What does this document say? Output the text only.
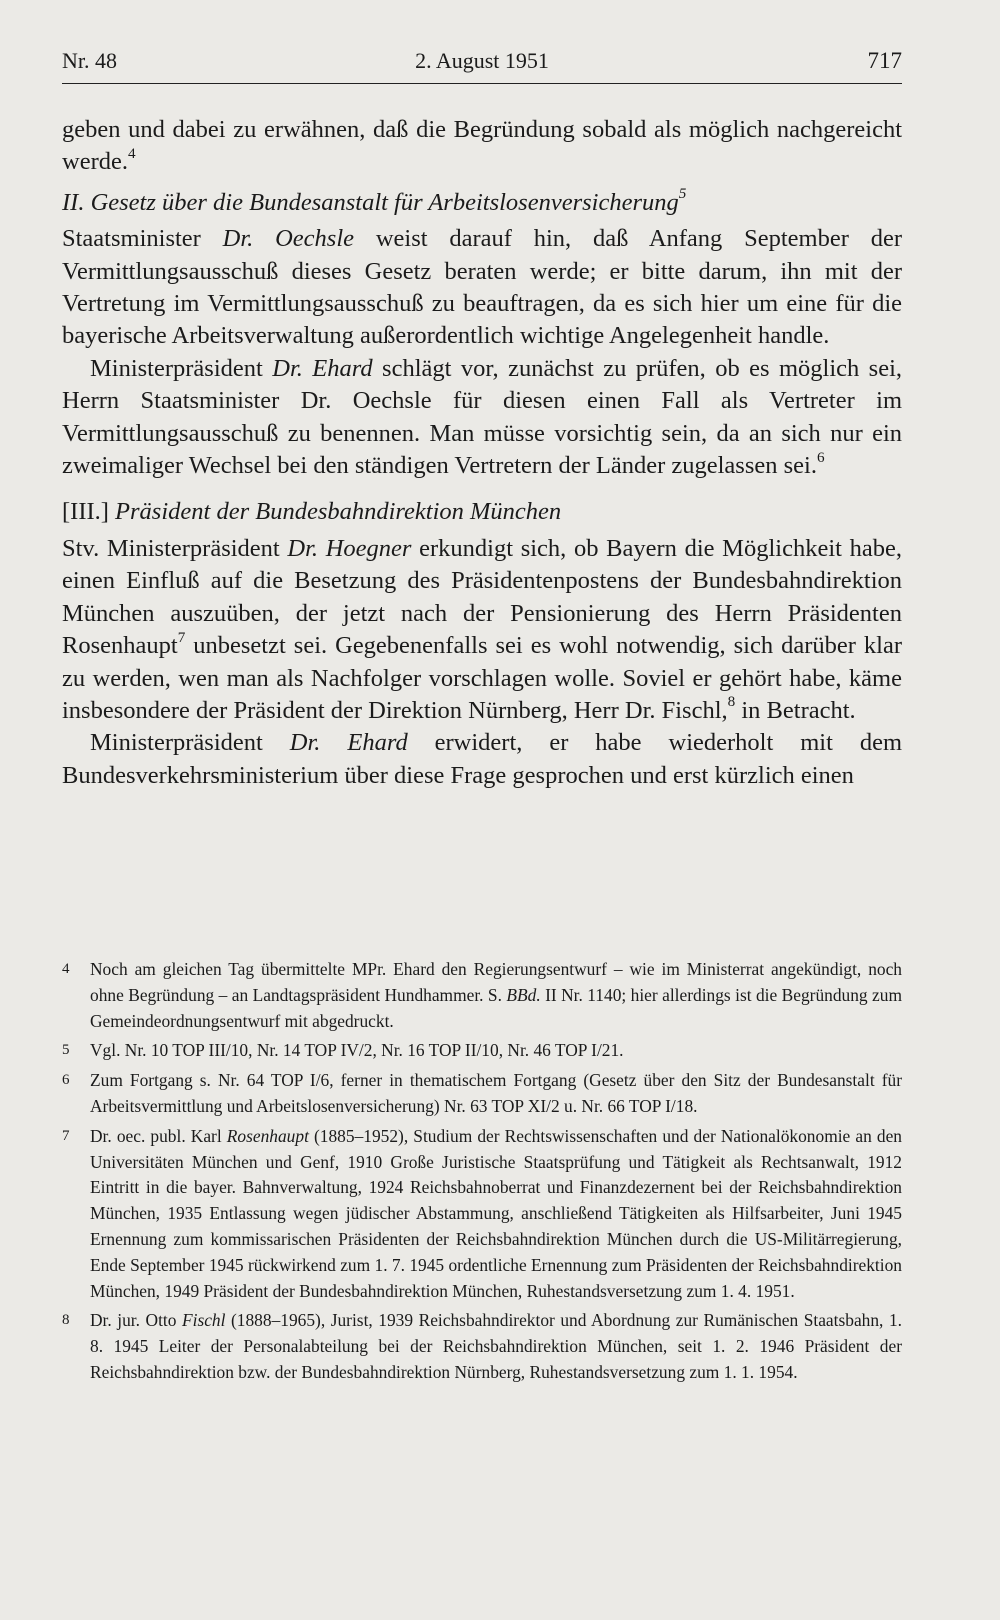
Nr. 48	2. August 1951	717

geben und dabei zu erwähnen, daß die Begründung sobald als möglich nachgereicht werde.$^4$

II. Gesetz über die Bundesanstalt für Arbeitslosenversicherung$^5$

Staatsminister Dr. Oechsle weist darauf hin, daß Anfang September der Vermittlungsausschuß dieses Gesetz beraten werde; er bitte darum, ihn mit der Vertretung im Vermittlungsausschuß zu beauftragen, da es sich hier um eine für die bayerische Arbeitsverwaltung außerordentlich wichtige Angelegenheit handle.

Ministerpräsident Dr. Ehard schlägt vor, zunächst zu prüfen, ob es möglich sei, Herrn Staatsminister Dr. Oechsle für diesen einen Fall als Vertreter im Vermittlungsausschuß zu benennen. Man müsse vorsichtig sein, da an sich nur ein zweimaliger Wechsel bei den ständigen Vertretern der Länder zugelassen sei.$^6$

[III.] Präsident der Bundesbahndirektion München

Stv. Ministerpräsident Dr. Hoegner erkundigt sich, ob Bayern die Möglichkeit habe, einen Einfluß auf die Besetzung des Präsidentenpostens der Bundesbahndirektion München auszuüben, der jetzt nach der Pensionierung des Herrn Präsidenten Rosenhaupt$^7$ unbesetzt sei. Gegebenenfalls sei es wohl notwendig, sich darüber klar zu werden, wen man als Nachfolger vorschlagen wolle. Soviel er gehört habe, käme insbesondere der Präsident der Direktion Nürnberg, Herr Dr. Fischl,$^8$ in Betracht.

Ministerpräsident Dr. Ehard erwidert, er habe wiederholt mit dem Bundesverkehrsministerium über diese Frage gesprochen und erst kürzlich einen

4 Noch am gleichen Tag übermittelte MPr. Ehard den Regierungsentwurf – wie im Ministerrat angekündigt, noch ohne Begründung – an Landtagspräsident Hundhammer. S. BBd. II Nr. 1140; hier allerdings ist die Begründung zum Gemeindeordnungsentwurf mit abgedruckt.
5 Vgl. Nr. 10 TOP III/10, Nr. 14 TOP IV/2, Nr. 16 TOP II/10, Nr. 46 TOP I/21.
6 Zum Fortgang s. Nr. 64 TOP I/6, ferner in thematischem Fortgang (Gesetz über den Sitz der Bundesanstalt für Arbeitsvermittlung und Arbeitslosenversicherung) Nr. 63 TOP XI/2 u. Nr. 66 TOP I/18.
7 Dr. oec. publ. Karl Rosenhaupt (1885–1952), Studium der Rechtswissenschaften und der Nationalökonomie an den Universitäten München und Genf, 1910 Große Juristische Staatsprüfung und Tätigkeit als Rechtsanwalt, 1912 Eintritt in die bayer. Bahnverwaltung, 1924 Reichsbahnoberrat und Finanzdezernent bei der Reichsbahndirektion München, 1935 Entlassung wegen jüdischer Abstammung, anschließend Tätigkeiten als Hilfsarbeiter, Juni 1945 Ernennung zum kommissarischen Präsidenten der Reichsbahndirektion München durch die US-Militärregierung, Ende September 1945 rückwirkend zum 1. 7. 1945 ordentliche Ernennung zum Präsidenten der Reichsbahndirektion München, 1949 Präsident der Bundesbahndirektion München, Ruhestandsversetzung zum 1. 4. 1951.
8 Dr. jur. Otto Fischl (1888–1965), Jurist, 1939 Reichsbahndirektor und Abordnung zur Rumänischen Staatsbahn, 1. 8. 1945 Leiter der Personalabteilung bei der Reichsbahndirektion München, seit 1. 2. 1946 Präsident der Reichsbahndirektion bzw. der Bundesbahndirektion Nürnberg, Ruhestandsversetzung zum 1. 1. 1954.
